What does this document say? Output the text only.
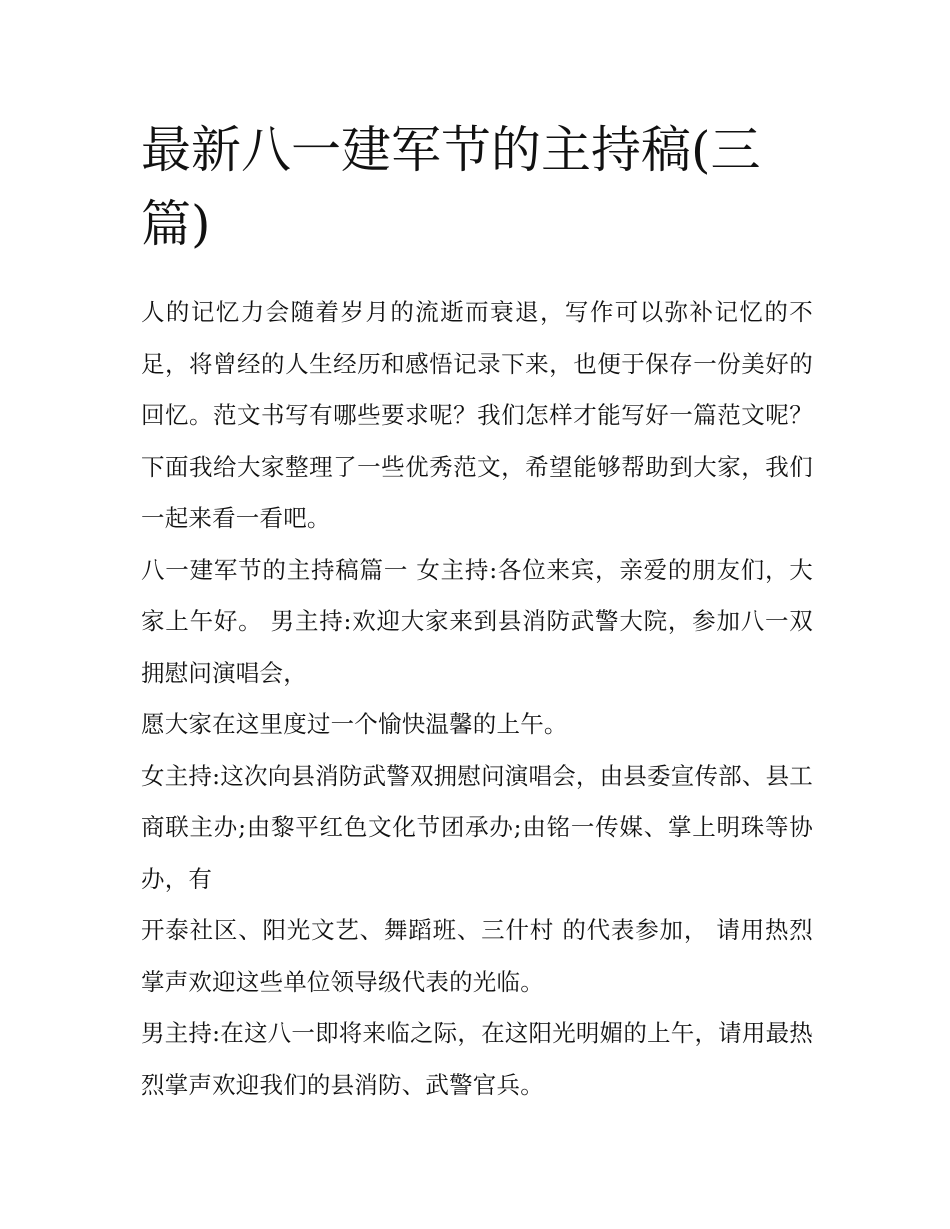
最新八一建军节的主持稿(三篇)

人的记忆力会随着岁月的流逝而衰退，写作可以弥补记忆的不足，将曾经的人生经历和感悟记录下来，也便于保存一份美好的回忆。范文书写有哪些要求呢？我们怎样才能写好一篇范文呢？下面我给大家整理了一些优秀范文，希望能够帮助到大家，我们一起来看一看吧。

八一建军节的主持稿篇一 女主持:各位来宾，亲爱的朋友们，大家上午好。 男主持:欢迎大家来到县消防武警大院，参加八一双拥慰问演唱会，

愿大家在这里度过一个愉快温馨的上午。

女主持:这次向县消防武警双拥慰问演唱会，由县委宣传部、县工商联主办;由黎平红色文化节团承办;由铭一传媒、掌上明珠等协办，有

开泰社区、阳光文艺、舞蹈班、三什村 的代表参加， 请用热烈掌声欢迎这些单位领导级代表的光临。

男主持:在这八一即将来临之际，在这阳光明媚的上午，请用最热烈掌声欢迎我们的县消防、武警官兵。
